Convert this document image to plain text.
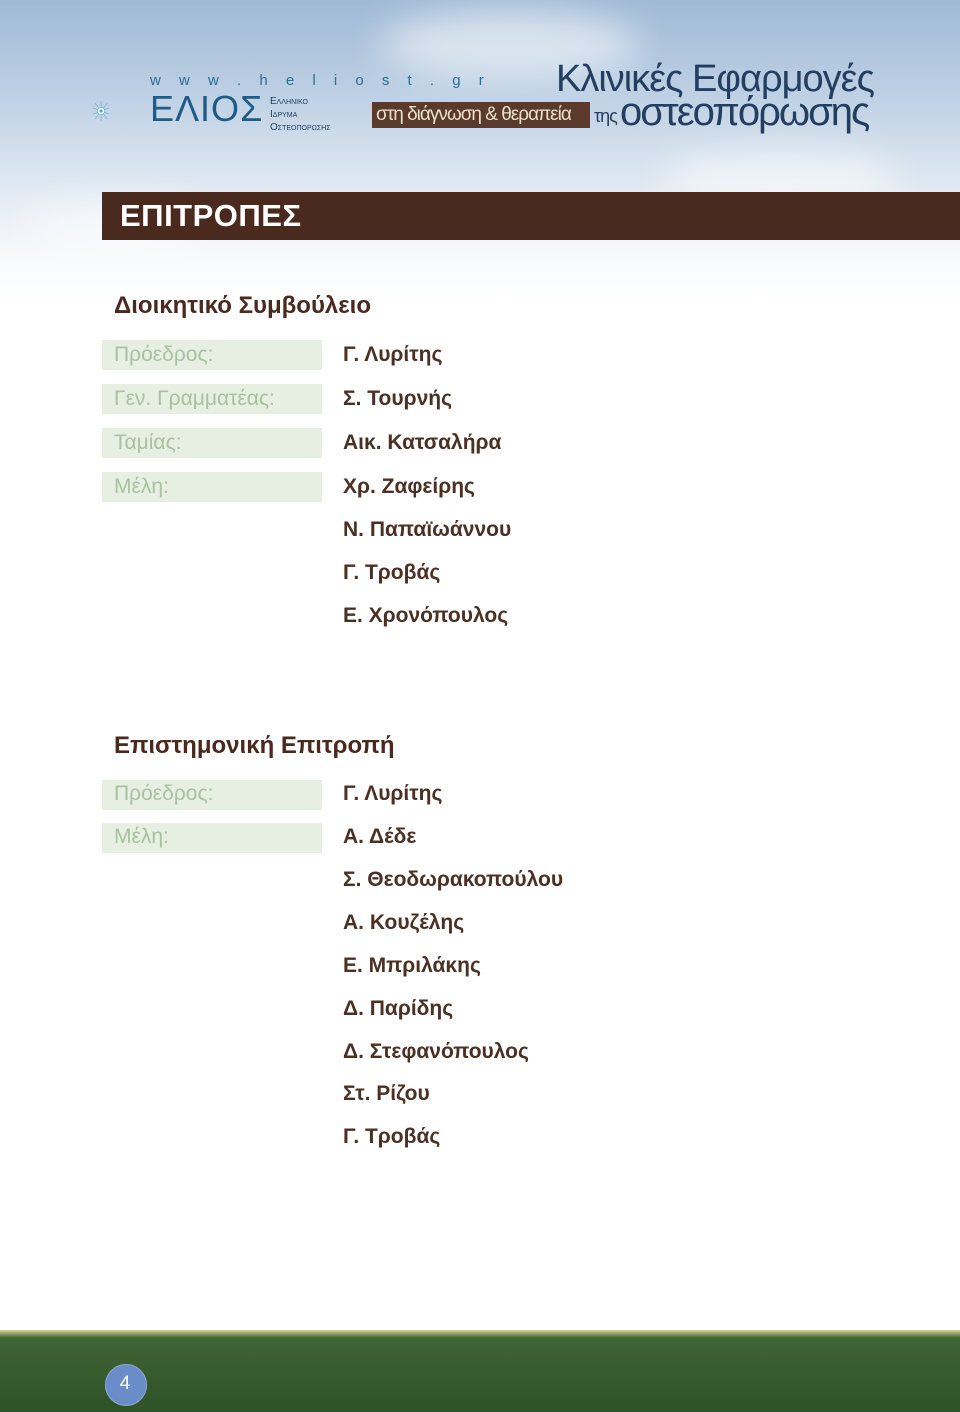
w w w . h e l i o s t . g r
ΕΛΙΟΣ Ελληνικο
Ιδρυμα
Οστεοπορωσης
Κλινικές Εφαρμογές
στη διάγνωση & θεραπεία της οστεοπόρωσης
ΕΠΙΤΡΟΠΕΣ
Διοικητικό Συμβούλειο
Πρόεδρος:
Γεν. Γραμματέας:
Ταμίας:
Μέλη:
Γ. Λυρίτης
Σ. Τουρνής
Αικ. Κατσαλήρα
Χρ. Ζαφείρης
Ν. Παπαϊωάννου
Γ. Τροβάς
Ε. Χρονόπουλος
Επιστημονική Επιτροπή
Πρόεδρος:
Μέλη:
Γ. Λυρίτης
Α. Δέδε
Σ. Θεοδωρακοπούλου
Α. Κουζέλης
Ε. Μπριλάκης
Δ. Παρίδης
Δ. Στεφανόπουλος
Στ. Ρίζου
Γ. Τροβάς
4
